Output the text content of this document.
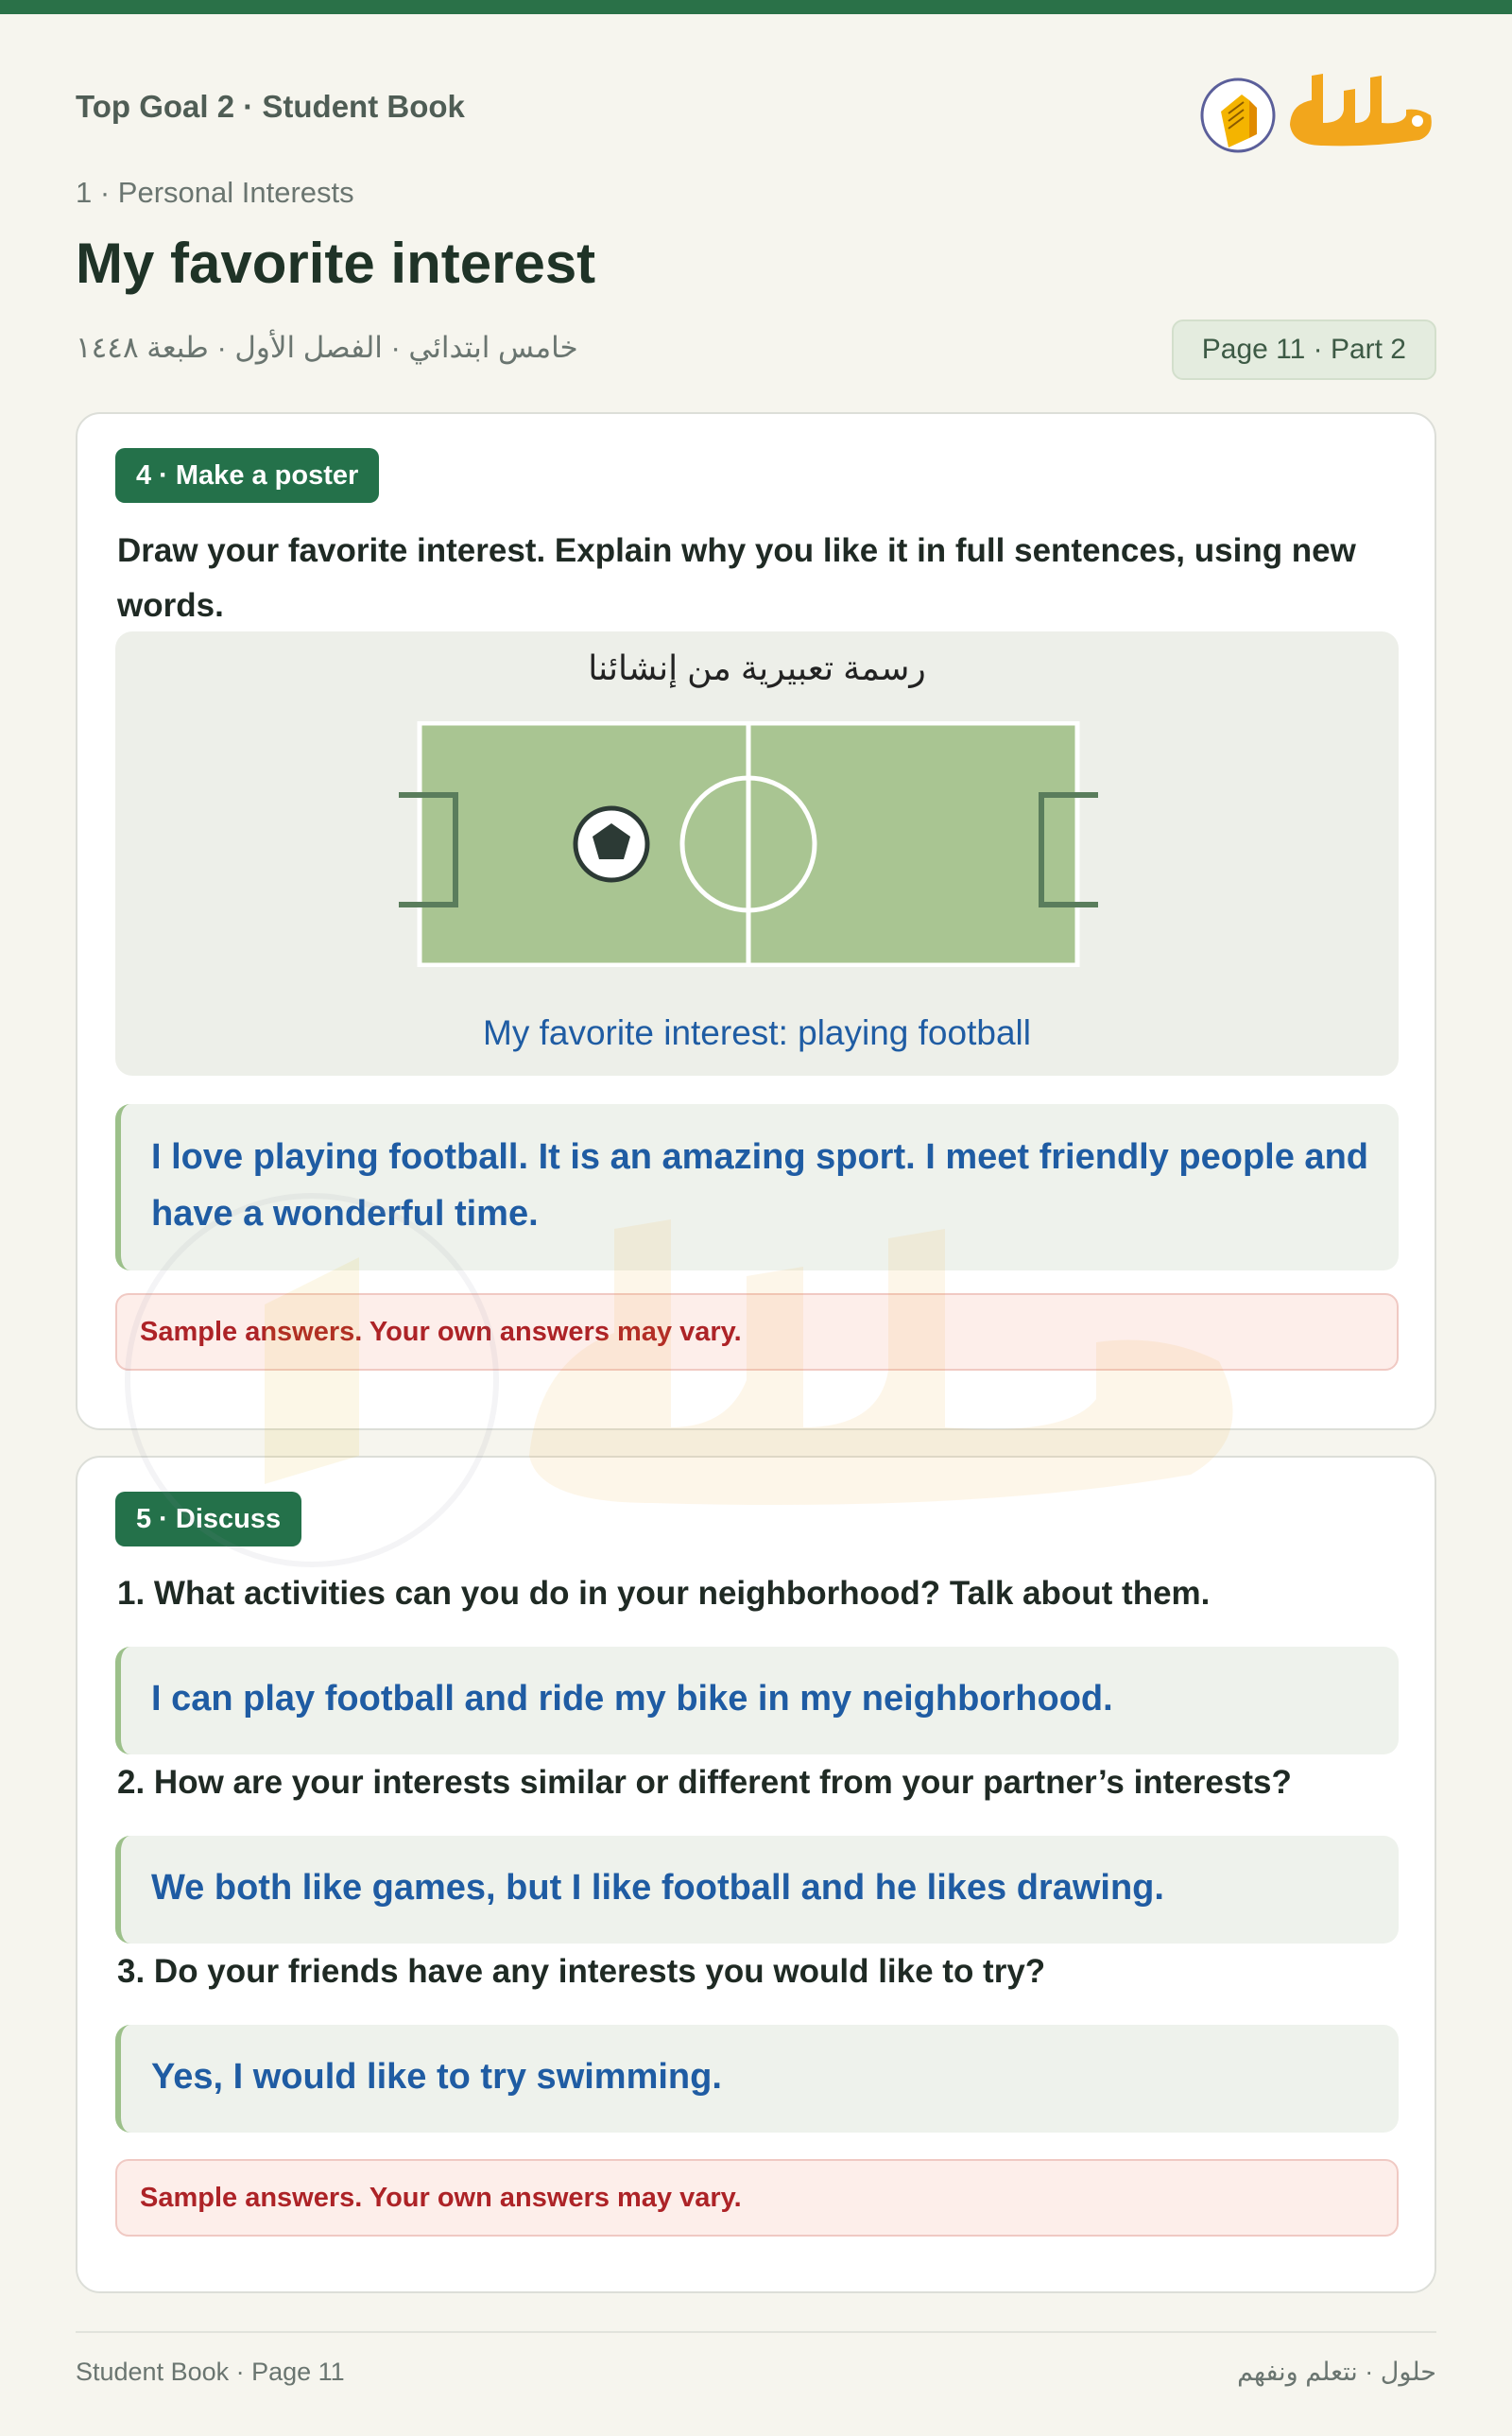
Top Goal 2 · Student Book
1 · Personal Interests
My favorite interest
خامس ابتدائي · الفصل الأول · طبعة ١٤٤٨	Page 11 · Part 2
4 · Make a poster
Draw your favorite interest. Explain why you like it in full sentences, using new words.
رسمة تعبيرية من إنشائنا
My favorite interest: playing football
I love playing football. It is an amazing sport. I meet friendly people and have a wonderful time.
Sample answers. Your own answers may vary.
5 · Discuss
1. What activities can you do in your neighborhood? Talk about them.
I can play football and ride my bike in my neighborhood.
2. How are your interests similar or different from your partner’s interests?
We both like games, but I like football and he likes drawing.
3. Do your friends have any interests you would like to try?
Yes, I would like to try swimming.
Sample answers. Your own answers may vary.
Student Book · Page 11	حلول · نتعلم ونفهم
